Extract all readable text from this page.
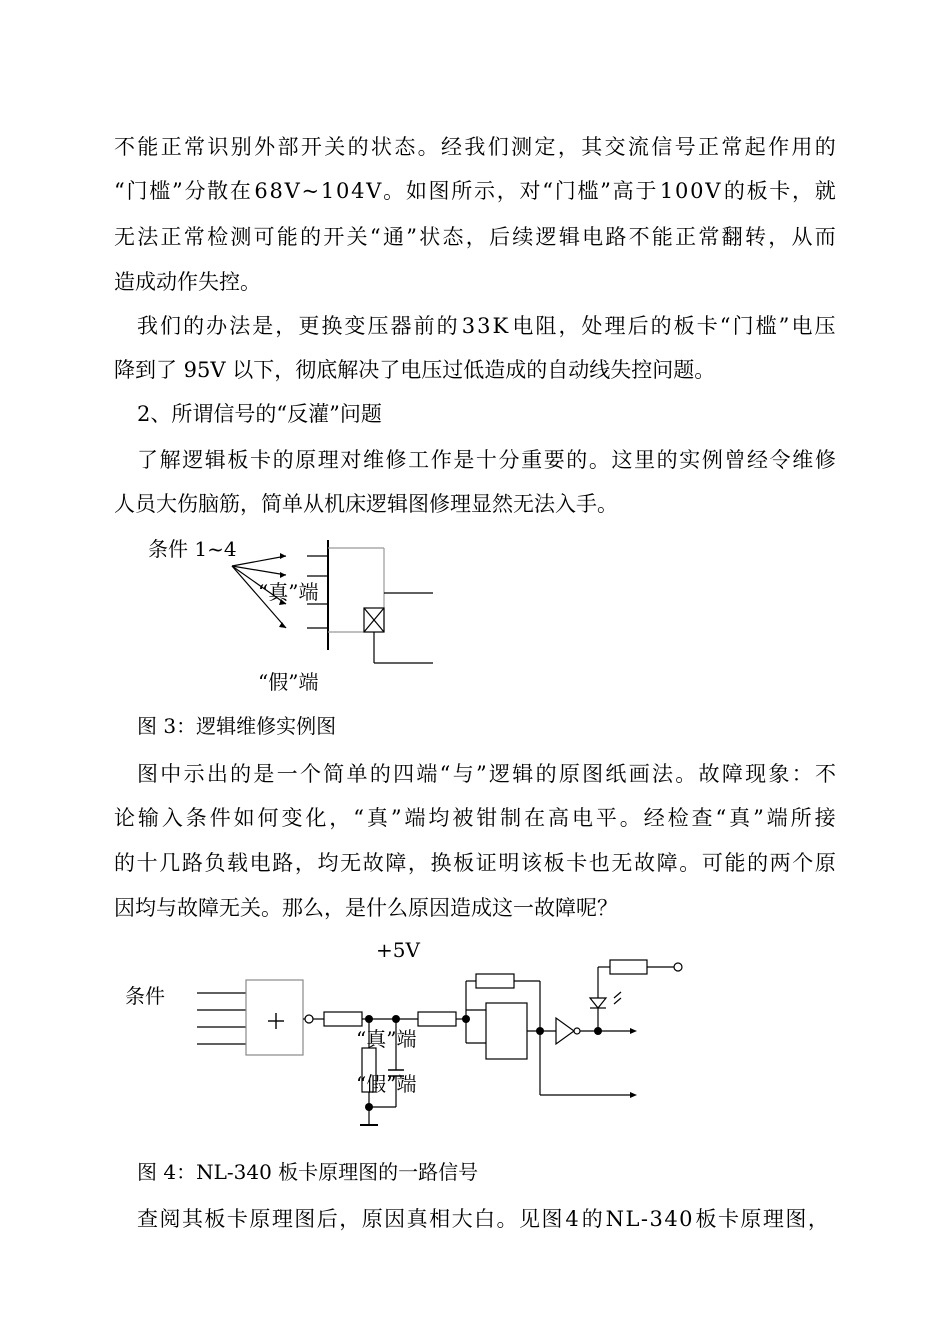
不 能 正 常 识 别 外 部 开 关 的 状 态 。 经 我 们 测 定 ， 其 交 流 信 号 正 常 起 作 用 的
“ 门 槛 ” 分 散 在 6 8 V ~ 1 0 4 V 。 如 图 所 示 ， 对 “ 门 槛 ” 高 于 1 0 0 V 的 板 卡 ， 就
无 法 正 常 检 测 可 能 的 开 关 “ 通 ” 状 态 ， 后 续 逻 辑 电 路 不 能 正 常 翻 转 ， 从 而
造成动作失控。
我 们 的 办 法 是 ， 更 换 变 压 器 前 的 3 3 K 电 阻 ， 处 理 后 的 板 卡 “ 门 槛 ” 电 压
降到了 95V 以下，彻底解决了电压过低造成的自动线失控问题。
2、所谓信号的“反灌”问题
了 解 逻 辑 板 卡 的 原 理 对 维 修 工 作 是 十 分 重 要 的 。 这 里 的 实 例 曾 经 令 维 修
人员大伤脑筋，简单从机床逻辑图修理显然无法入手。
条件 1~4
“真”端
“假”端
图 3：逻辑维修实例图
图 中 示 出 的 是 一 个 简 单 的 四 端 “ 与 ” 逻 辑 的 原 图 纸 画 法 。 故 障 现 象 ： 不
论 输 入 条 件 如 何 变 化 ， “ 真 ” 端 均 被 钳 制 在 高 电 平 。 经 检 查 “ 真 ” 端 所 接
的 十 几 路 负 载 电 路 ， 均 无 故 障 ， 换 板 证 明 该 板 卡 也 无 故 障 。 可 能 的 两 个 原
因均与故障无关。那么，是什么原因造成这一故障呢？
+5V
条件
“真”端
“假”端
图 4：NL-340 板卡原理图的一路信号
查 阅 其 板 卡 原 理 图 后 ， 原 因 真 相 大 白 。 见 图 4 的 N L - 3 4 0 板 卡 原 理 图 ，
